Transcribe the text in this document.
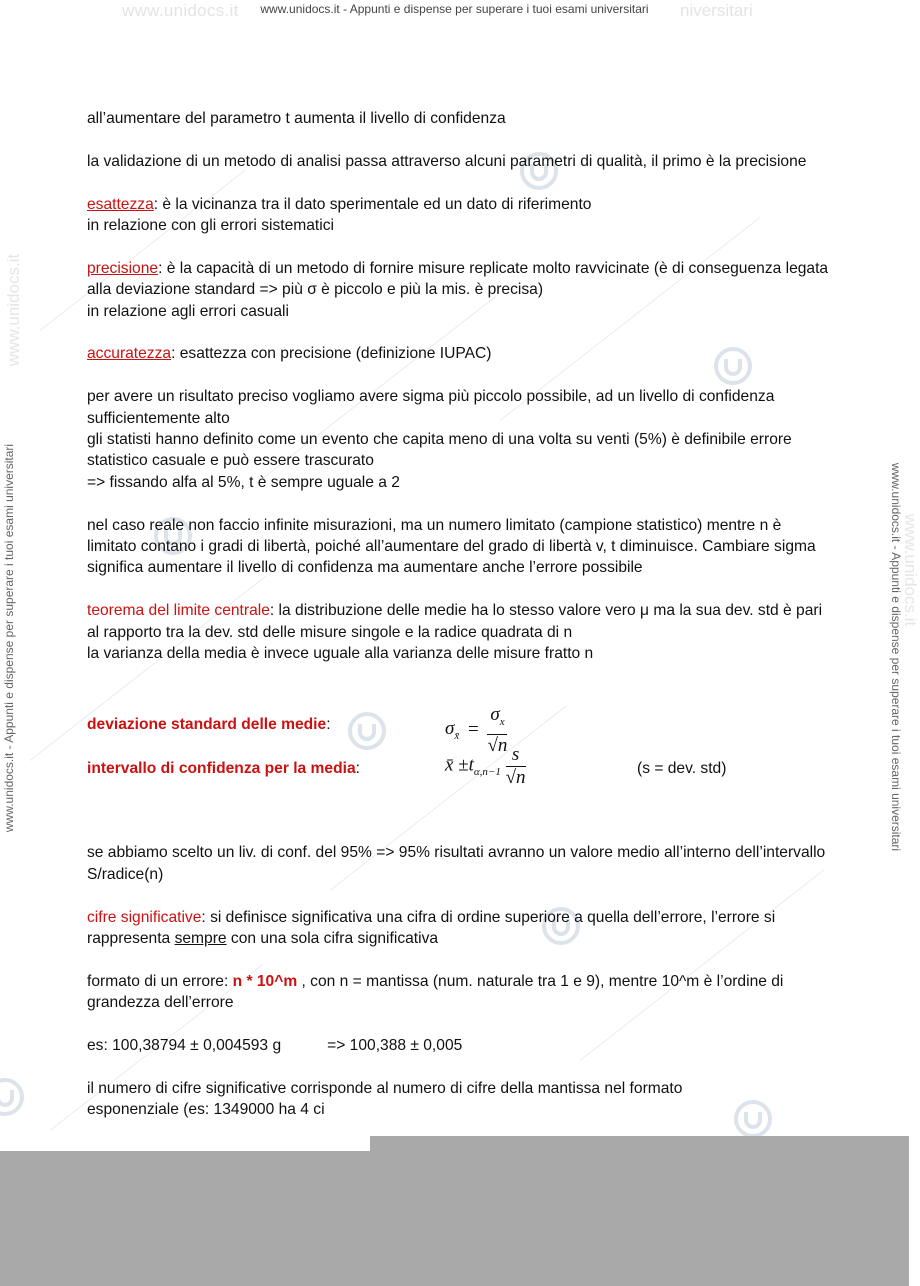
www.unidocs.it	niversitari
www.unidocs.it - Appunti e dispense per superare i tuoi esami universitari
www.unidocs.it
www.unidocs.it - Appunti e dispense per superare i tuoi esami universitari	www.unidocs.it
www.unidocs.it - Appunti e dispense per superare i tuoi esami universitari

all’aumentare del parametro t aumenta il livello di confidenza

la validazione di un metodo di analisi passa attraverso alcuni parametri di qualità, il primo è la precisione

esattezza: è la vicinanza tra il dato sperimentale ed un dato di riferimento
in relazione con gli errori sistematici

precisione: è la capacità di un metodo di fornire misure replicate molto ravvicinate (è di conseguenza legata alla deviazione standard => più σ è piccolo e più la mis. è precisa)
in relazione agli errori casuali

accuratezza: esattezza con precisione (definizione IUPAC)

per avere un risultato preciso vogliamo avere sigma più piccolo possibile, ad un livello di confidenza sufficientemente alto
gli statisti hanno definito come un evento che capita meno di una volta su venti (5%) è definibile errore statistico casuale e può essere trascurato
=> fissando alfa al 5%, t è sempre uguale a 2

nel caso reale non faccio infinite misurazioni, ma un numero limitato (campione statistico) mentre n è limitato contano i gradi di libertà, poiché all’aumentare del grado di libertà v, t diminuisce. Cambiare sigma significa aumentare il livello di confidenza ma aumentare anche l’errore possibile

teorema del limite centrale: la distribuzione delle medie ha lo stesso valore vero μ ma la sua dev. std è pari al rapporto tra la dev. std delle misure singole e la radice quadrata di n
la varianza della media è invece uguale alla varianza delle misure fratto n

deviazione standard delle medie:	$\sigma_{x̄} = \frac{\sigma_x}{√n}$
intervallo di confidenza per la media:	x̄ $\pm t_{\alpha,n-1} \frac{s}{√n}$	(s = dev. std)

se abbiamo scelto un liv. di conf. del 95% => 95% risultati avranno un valore medio all’interno dell’intervallo S/radice(n)

cifre significative: si definisce significativa una cifra di ordine superiore a quella dell’errore, l’errore si rappresenta sempre con una sola cifra significativa

formato di un errore: n * 10^m , con n = mantissa (num. naturale tra 1 e 9), mentre 10^m è l’ordine di grandezza dell’errore

es: 100,38794 ± 0,004593 g	=> 100,388 ± 0,005

il numero di cifre significative corrisponde al numero di cifre della mantissa nel formato
esponenziale (es: 1349000 ha 4 ci
